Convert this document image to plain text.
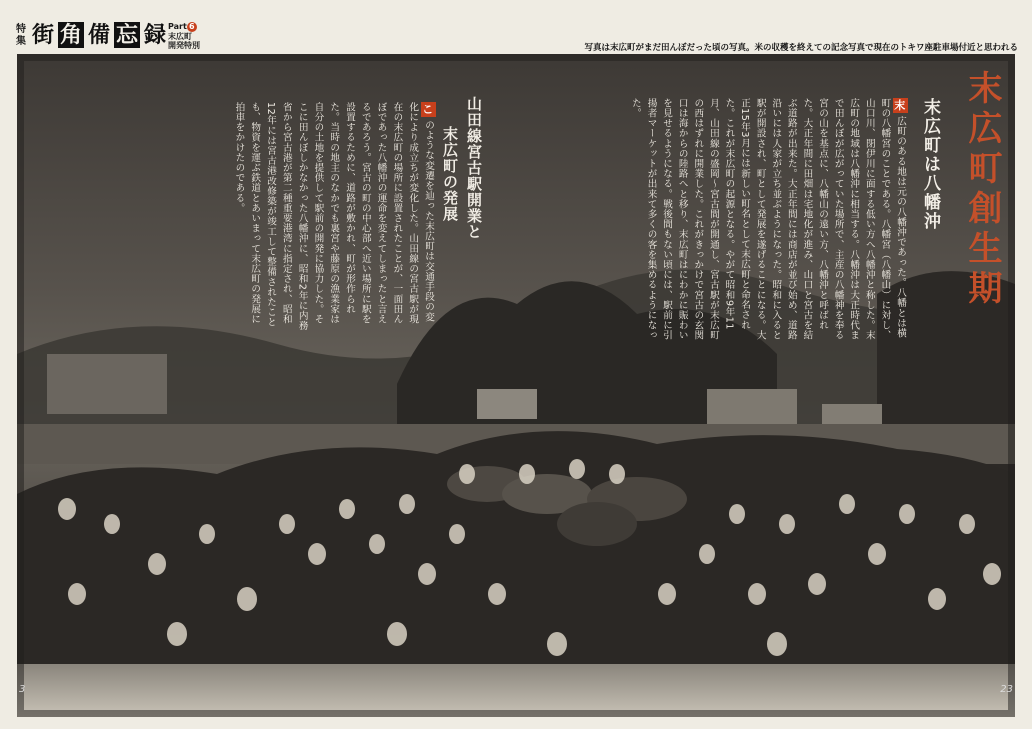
特集 街 角 備 忘 録 Part 6
末広町
開発特別	写真は末広町がまだ田んぼだった頃の写真。米の収穫を終えての記念写真で現在のトキワ座駐車場付近と思われる
3	23
末広町創生期
末広町は八幡沖
末広町のある地は元の八幡沖であった。八幡とは横町の八幡宮のことである。八幡宮（八幡山）に対し、山口川、閉伊川に面する低い方へ八幡沖と称した。末広町の地域は八幡沖に相当する。八幡沖は大正時代まで田んぼが広がっていた場所で、主産の八幡神を奉る宮の山を基点に、八幡山の遠い方、八幡沖と呼ばれた。大正年間に田畑は宅地化が進み、山口と宮古を結ぶ道路が出来た。大正年間には商店が並び始め、道路沿いには人家が立ち並ぶようになった。昭和に入ると駅が開設され、町として発展を遂げることになる。大正15年3月には新しい町名として末広町と命名された。これが末広町の起源となる。やがて昭和9年11月、山田線の盛岡〜宮古間が開通し、宮古駅が末広町の西はずれに開業した。これがきっかけで宮古の玄関口は海からの陸路へと移り、末広町はにわかに賑わいを見せるようになる。戦後間もない頃には、駅前に引揚者マーケットが出来て多くの客を集めるようになった。
山田線宮古駅開業と
末広町の発展
このような変遷を辿った末広町は交通手段の変化により成立ちが変化した。山田線の宮古駅が現在の末広町の場所に設置されたことが、一面田んぼであった八幡沖の運命を変えてしまったと言えるであろう。宮古の町の中心部へ近い場所に駅を設置するために、道路が敷かれ、町が形作られた。当時の地主のなかでも裏宮や藤原の漁業家は自分の土地を提供して駅前の開発に協力した。そこに田んぼしかなかった八幡沖に、昭和2年に内務省から宮古港が第二種重要港湾に指定され、昭和12年には宮古港改修築が竣工して整備されたことも、物資を運ぶ鉄道とあいまって末広町の発展に拍車をかけたのである。
